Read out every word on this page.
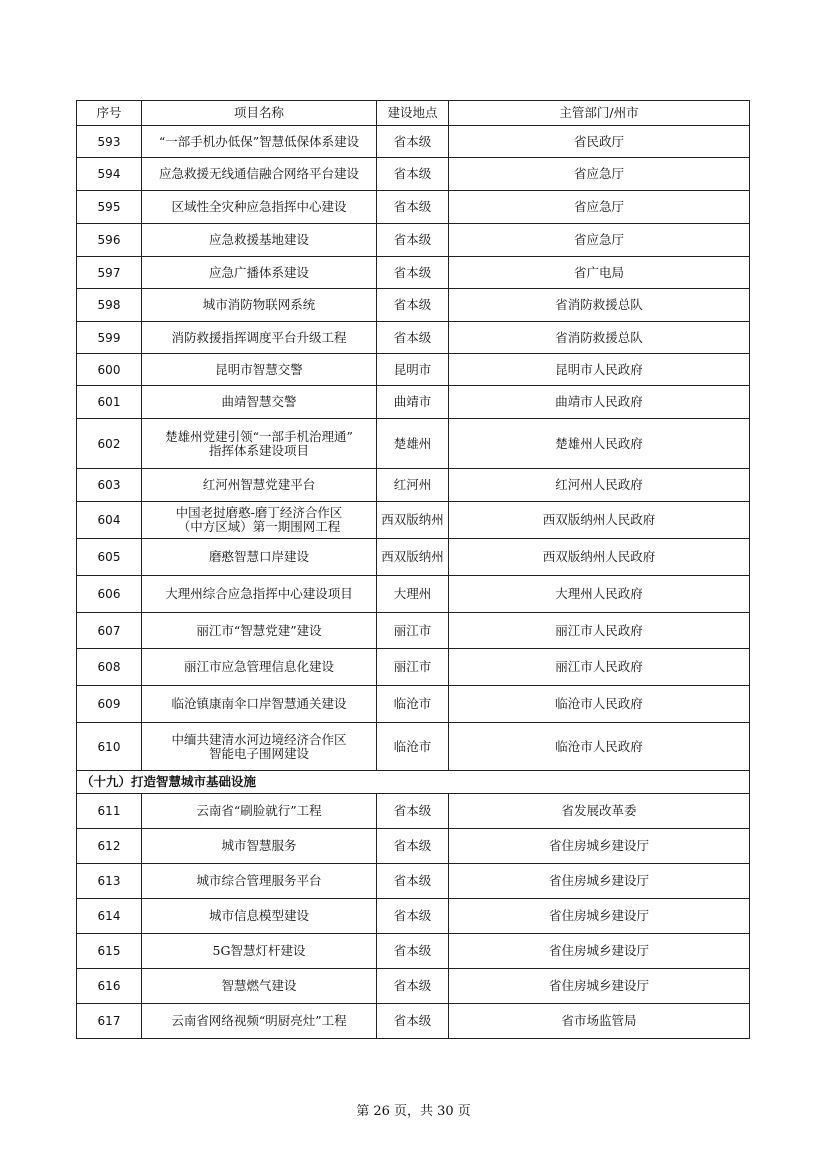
序号	项目名称	建设地点	主管部门/州市
593	“一部手机办低保”智慧低保体系建设	省本级	省民政厅
594	应急救援无线通信融合网络平台建设	省本级	省应急厅
595	区域性全灾种应急指挥中心建设	省本级	省应急厅
596	应急救援基地建设	省本级	省应急厅
597	应急广播体系建设	省本级	省广电局
598	城市消防物联网系统	省本级	省消防救援总队
599	消防救援指挥调度平台升级工程	省本级	省消防救援总队
600	昆明市智慧交警	昆明市	昆明市人民政府
601	曲靖智慧交警	曲靖市	曲靖市人民政府
602	楚雄州党建引领“一部手机治理通”
指挥体系建设项目	楚雄州	楚雄州人民政府
603	红河州智慧党建平台	红河州	红河州人民政府
604	中国老挝磨憨-磨丁经济合作区
（中方区域）第一期围网工程	西双版纳州	西双版纳州人民政府
605	磨憨智慧口岸建设	西双版纳州	西双版纳州人民政府
606	大理州综合应急指挥中心建设项目	大理州	大理州人民政府
607	丽江市“智慧党建”建设	丽江市	丽江市人民政府
608	丽江市应急管理信息化建设	丽江市	丽江市人民政府
609	临沧镇康南伞口岸智慧通关建设	临沧市	临沧市人民政府
610	中缅共建清水河边境经济合作区
智能电子围网建设	临沧市	临沧市人民政府
（十九）打造智慧城市基础设施			
611	云南省“刷脸就行”工程	省本级	省发展改革委
612	城市智慧服务	省本级	省住房城乡建设厅
613	城市综合管理服务平台	省本级	省住房城乡建设厅
614	城市信息模型建设	省本级	省住房城乡建设厅
615	5G智慧灯杆建设	省本级	省住房城乡建设厅
616	智慧燃气建设	省本级	省住房城乡建设厅
617	云南省网络视频“明厨亮灶”工程	省本级	省市场监管局
第 26 页，共 30 页
